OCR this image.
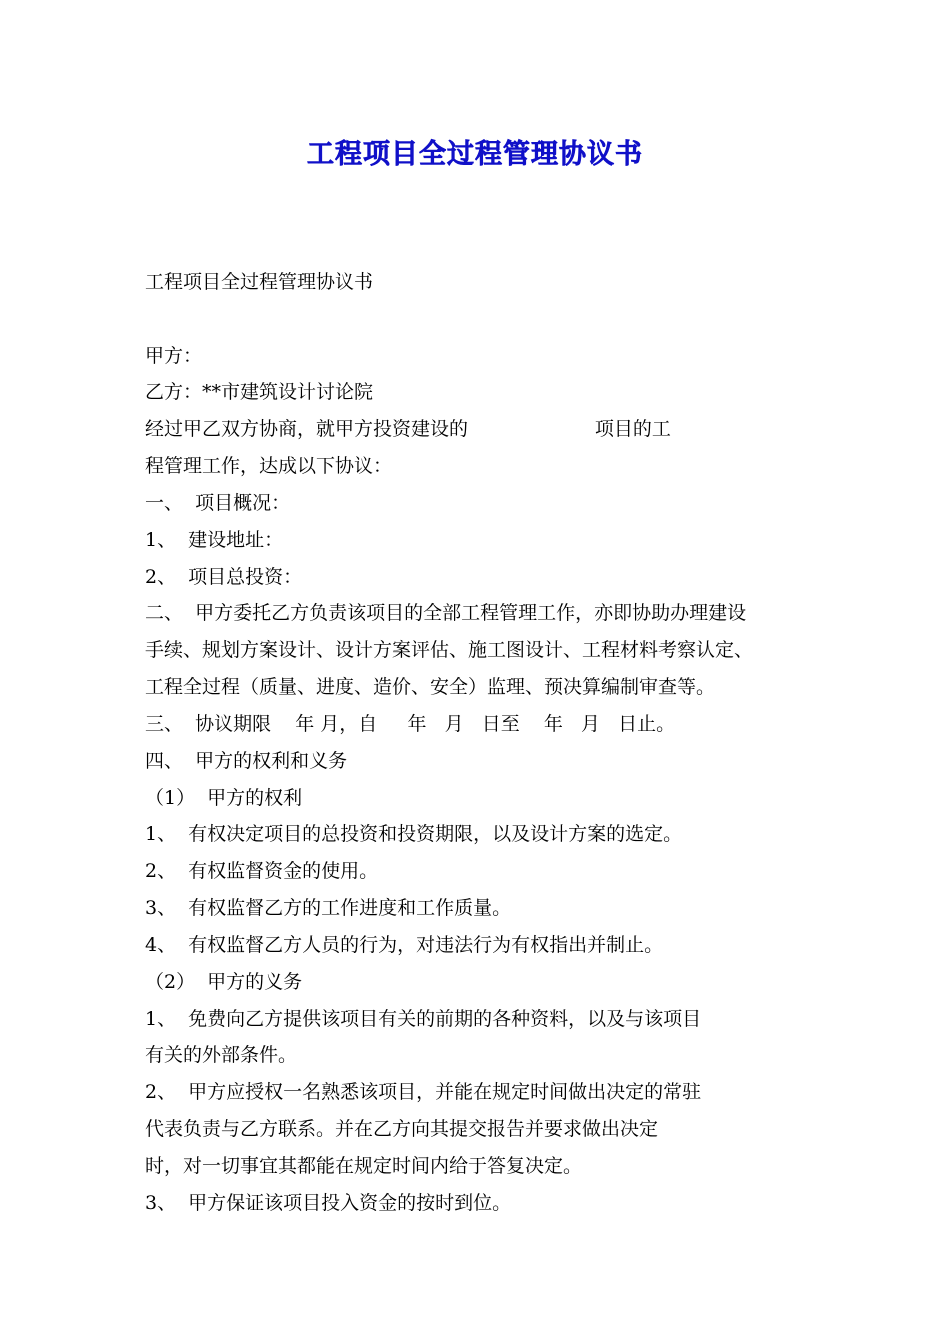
工程项目全过程管理协议书
工程项目全过程管理协议书
甲方：
乙方：**市建筑设计讨论院
经过甲乙双方协商，就甲方投资建设的                     项目的工
程管理工作，达成以下协议：
一、  项目概况：
1、  建设地址：
2、  项目总投资：
二、  甲方委托乙方负责该项目的全部工程管理工作，亦即协助办理建设
手续、规划方案设计、设计方案评估、施工图设计、工程材料考察认定、
工程全过程（质量、进度、造价、安全）监理、预决算编制审查等。
三、  协议期限    年 月，自     年   月   日至    年   月   日止。
四、  甲方的权利和义务
（1）  甲方的权利
1、  有权决定项目的总投资和投资期限，以及设计方案的选定。
2、  有权监督资金的使用。
3、  有权监督乙方的工作进度和工作质量。
4、  有权监督乙方人员的行为，对违法行为有权指出并制止。
（2）  甲方的义务
1、  免费向乙方提供该项目有关的前期的各种资料，以及与该项目
有关的外部条件。
2、  甲方应授权一名熟悉该项目，并能在规定时间做出决定的常驻
代表负责与乙方联系。并在乙方向其提交报告并要求做出决定
时，对一切事宜其都能在规定时间内给于答复决定。
3、  甲方保证该项目投入资金的按时到位。
